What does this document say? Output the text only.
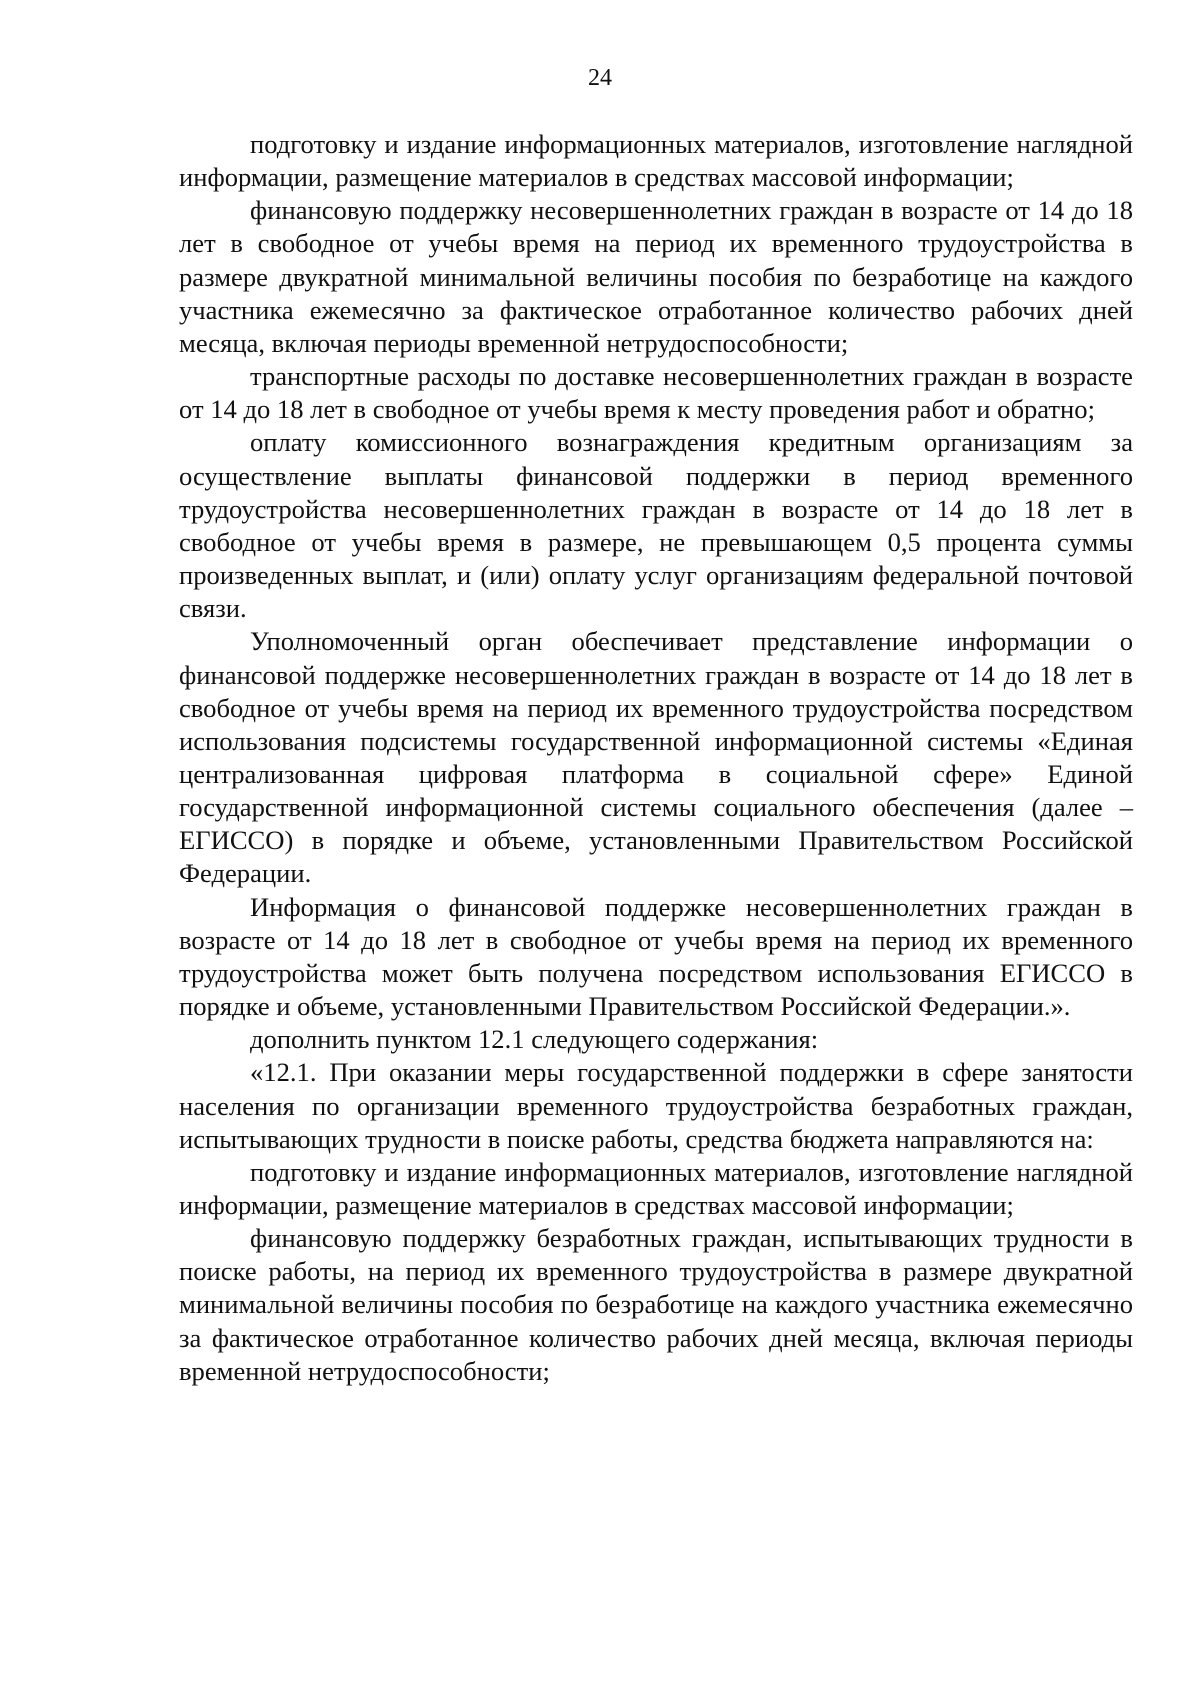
24

подготовку и издание информационных материалов, изготовление наглядной информации, размещение материалов в средствах массовой информации;

финансовую поддержку несовершеннолетних граждан в возрасте от 14 до 18 лет в свободное от учебы время на период их временного трудоустройства в размере двукратной минимальной величины пособия по безработице на каждого участника ежемесячно за фактическое отработанное количество рабочих дней месяца, включая периоды временной нетрудоспособности;

транспортные расходы по доставке несовершеннолетних граждан в возрасте от 14 до 18 лет в свободное от учебы время к месту проведения работ и обратно;

оплату комиссионного вознаграждения кредитным организациям за осуществление выплаты финансовой поддержки в период временного трудоустройства несовершеннолетних граждан в возрасте от 14 до 18 лет в свободное от учебы время в размере, не превышающем 0,5 процента суммы произведенных выплат, и (или) оплату услуг организациям федеральной почтовой связи.

Уполномоченный орган обеспечивает представление информации о финансовой поддержке несовершеннолетних граждан в возрасте от 14 до 18 лет в свободное от учебы время на период их временного трудоустройства посредством использования подсистемы государственной информационной системы «Единая централизованная цифровая платформа в социальной сфере» Единой государственной информационной системы социального обеспечения (далее – ЕГИССО) в порядке и объеме, установленными Правительством Российской Федерации.

Информация о финансовой поддержке несовершеннолетних граждан в возрасте от 14 до 18 лет в свободное от учебы время на период их временного трудоустройства может быть получена посредством использования ЕГИССО в порядке и объеме, установленными Правительством Российской Федерации.».

дополнить пунктом 12.1 следующего содержания:

«12.1. При оказании меры государственной поддержки в сфере занятости населения по организации временного трудоустройства безработных граждан, испытывающих трудности в поиске работы, средства бюджета направляются на:

подготовку и издание информационных материалов, изготовление наглядной информации, размещение материалов в средствах массовой информации;

финансовую поддержку безработных граждан, испытывающих трудности в поиске работы, на период их временного трудоустройства в размере двукратной минимальной величины пособия по безработице на каждого участника ежемесячно за фактическое отработанное количество рабочих дней месяца, включая периоды временной нетрудоспособности;
